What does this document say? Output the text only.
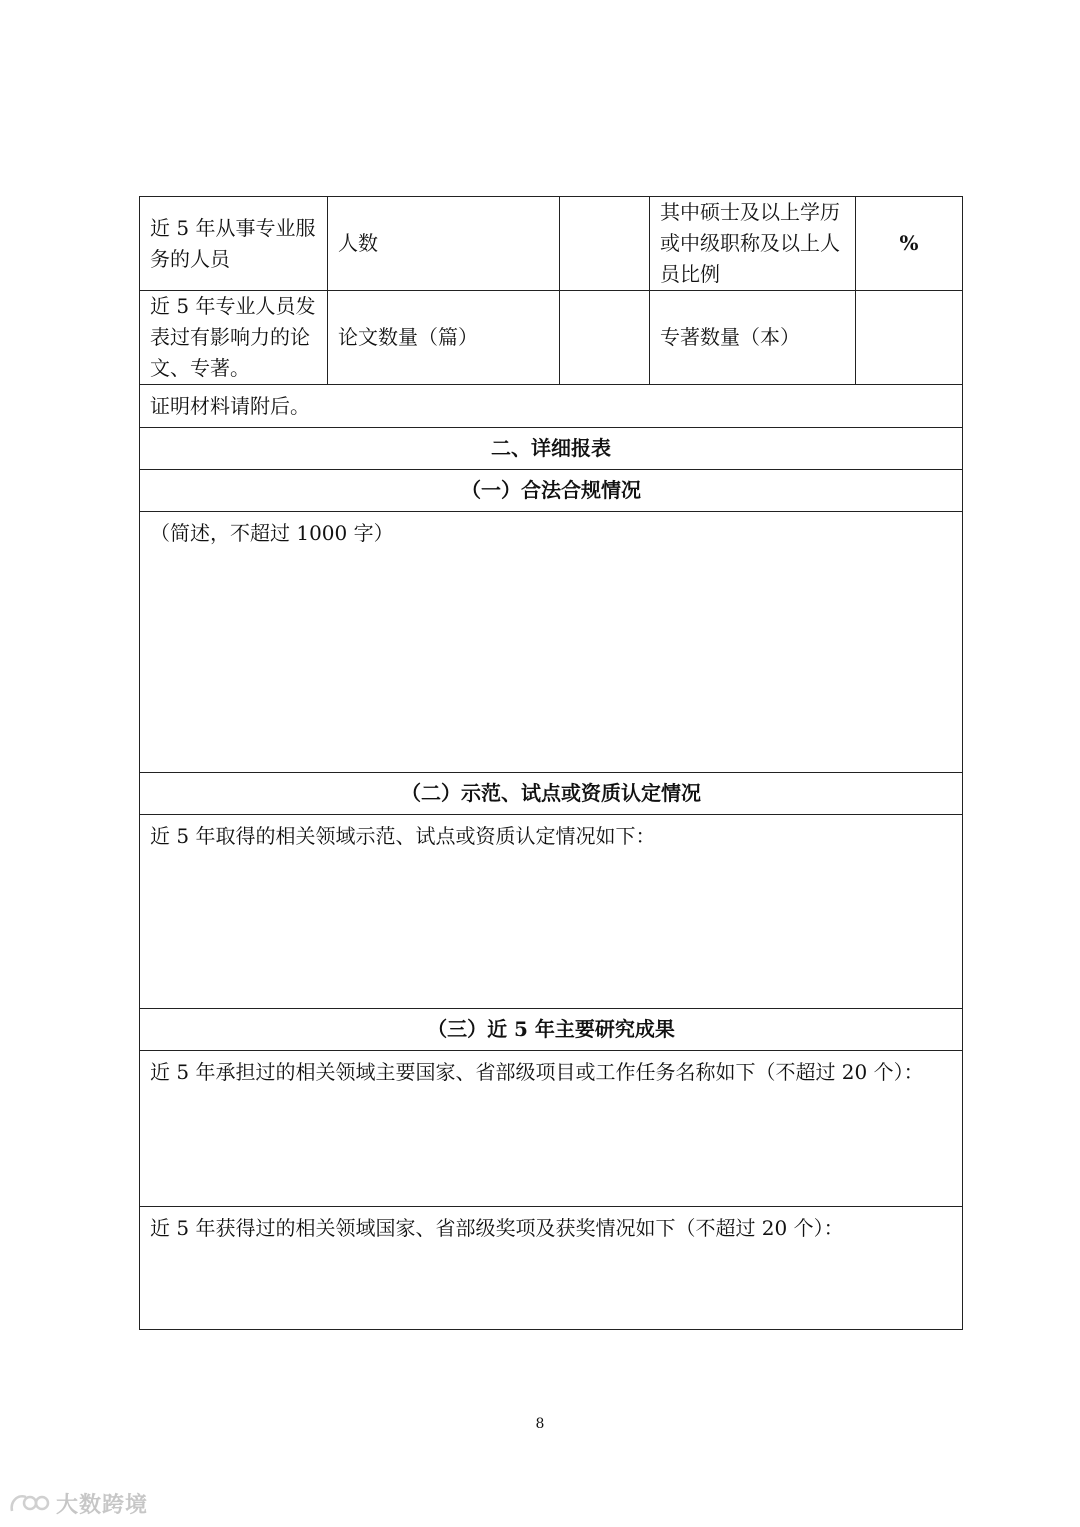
近 5 年从事专业服务的人员	人数		其中硕士及以上学历或中级职称及以上人员比例	%
近 5 年专业人员发表过有影响力的论文、专著。	论文数量（篇）		专著数量（本）	
证明材料请附后。				
二、详细报表				
（一）合法合规情况				
（简述，不超过 1000 字）				
（二）示范、试点或资质认定情况				
近 5 年取得的相关领域示范、试点或资质认定情况如下：				
（三）近 5 年主要研究成果				
近 5 年承担过的相关领域主要国家、省部级项目或工作任务名称如下（不超过 20 个）：				
近 5 年获得过的相关领域国家、省部级奖项及获奖情况如下（不超过 20 个）：				
8
大数跨境
